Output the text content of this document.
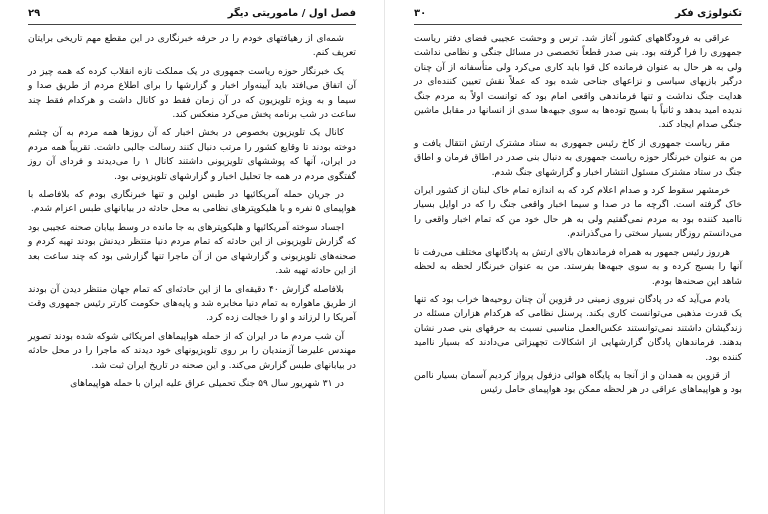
فصل اول / ماموریتی دیگر
۲۹

شمه‌ای از رهیافتهای خودم را در حرفه خبرنگاری در این مقطع مهم تاریخی برایتان تعریف کنم.

یک خبرنگار حوزه ریاست جمهوری در یک مملکت تازه انقلاب کرده که همه چیز در آن اتفاق می‌افتد باید آیینه‌وار اخبار و گزارشها را برای اطلاع مردم از طریق صدا و سیما و به ویژه تلویزیون که در آن زمان فقط دو کانال داشت و هرکدام فقط چند ساعت در شب برنامه پخش می‌کرد منعکس کند.

کانال یک تلویزیون بخصوص در بخش اخبار که آن روزها همه مردم به آن چشم دوخته بودند تا وقایع کشور را مرتب دنبال کنند رسالت جالبی داشت. تقریباً همه مردم در ایران، آنها که پوششهای تلویزیونی داشتند کانال ۱ را می‌دیدند و فردای آن روز گفتگوی مردم در همه جا تحلیل اخبار و گزارشهای تلویزیونی بود.

در جریان حمله آمریکائیها در طبس اولین و تنها خبرنگاری بودم که بلافاصله با هواپیمای ۵ نفره و با هلیکوپترهای نظامی به محل حادثه در بیابانهای طبس اعزام شدم.

اجساد سوخته آمریکائیها و هلیکوپترهای به جا مانده در وسط بیابان صحنه عجیبی بود که گزارش تلویزیونی از این حادثه که تمام مردم دنیا منتظر دیدنش بودند تهیه کردم و صحنه‌های تلویزیونی و گزارشهای من از آن ماجرا تنها گزارشی بود که چند ساعت بعد از این حادثه تهیه شد.

بلافاصله گزارش ۴۰ دقیقه‌ای ما از این حادثه‌ای که تمام جهان منتظر دیدن آن بودند از طریق ماهواره به تمام دنیا مخابره شد و پایه‌های حکومت کارتر رئیس جمهوری وقت آمریکا را لرزاند و او را خجالت زده کرد.

آن شب مردم ما در ایران که از حمله هواپیماهای امریکائی شوکه شده بودند تصویر مهندس علیرضا آزمندیان را بر روی تلویزیونهای خود دیدند که ماجرا را در محل حادثه در بیابانهای طبس گزارش می‌کند. و این صحنه در تاریخ ایران ثبت شد.

در ۳۱ شهریور سال ۵۹ جنگ تحمیلی عراق علیه ایران با حمله هواپیماهای

تکنولوژی فکر
۳۰

عراقی به فرودگاههای کشور آغاز شد. ترس و وحشت عجیبی فضای دفتر ریاست جمهوری را فرا گرفته بود. بنی صدر قطعاً تخصصی در مسائل جنگی و نظامی نداشت ولی به هر حال به عنوان فرمانده کل قوا باید کاری می‌کرد ولی متأسفانه از آن چنان درگیر بازیهای سیاسی و نزاعهای جناحی شده بود که عملاً نقش تعیین کننده‌ای در هدایت جنگ نداشت و تنها فرماندهی واقعی امام بود که توانست اولاً به مردم جنگ ندیده امید بدهد و ثانیاً با بسیج توده‌ها به سوی جبهه‌ها سدی از انسانها در مقابل ماشین جنگی صدام ایجاد کند.

مقر ریاست جمهوری از کاخ رئیس جمهوری به ستاد مشترک ارتش انتقال یافت و من به عنوان خبرنگار حوزه ریاست جمهوری به دنبال بنی صدر در اطاق فرمان و اطاق جنگ در ستاد مشترک مسئول انتشار اخبار و گزارشهای جنگ شدم.

خرمشهر سقوط کرد و صدام اعلام کرد که به اندازه تمام خاک لبنان از کشور ایران خاک گرفته است. اگرچه ما در صدا و سیما اخبار واقعی جنگ را که در اوایل بسیار ناامید کننده بود به مردم نمی‌گفتیم ولی به هر حال خود من که تمام اخبار واقعی را می‌دانستم روزگار بسیار سختی را می‌گذراندم.

هرروز رئیس جمهور به همراه فرماندهان بالای ارتش به پادگانهای مختلف می‌رفت تا آنها را بسیج کرده و به سوی جبهه‌ها بفرستد. من به عنوان خبرنگار لحظه به لحظه شاهد این صحنه‌ها بودم.

یادم می‌آید که در پادگان نیروی زمینی در قزوین آن چنان روحیه‌ها خراب بود که تنها یک قدرت مذهبی می‌توانست کاری بکند. پرسنل نظامی که هرکدام هزاران مسئله در زندگیشان داشتند نمی‌توانستند عکس‌العمل مناسبی نسبت به حرفهای بنی صدر نشان بدهند. فرماندهان پادگان گزارشهایی از اشکالات تجهیزاتی می‌دادند که بسیار ناامید کننده بود.

از قزوین به همدان و از آنجا به پایگاه هوائی دزفول پرواز کردیم آسمان بسیار ناامن بود و هواپیماهای عراقی در هر لحظه ممکن بود هواپیمای حامل رئیس
